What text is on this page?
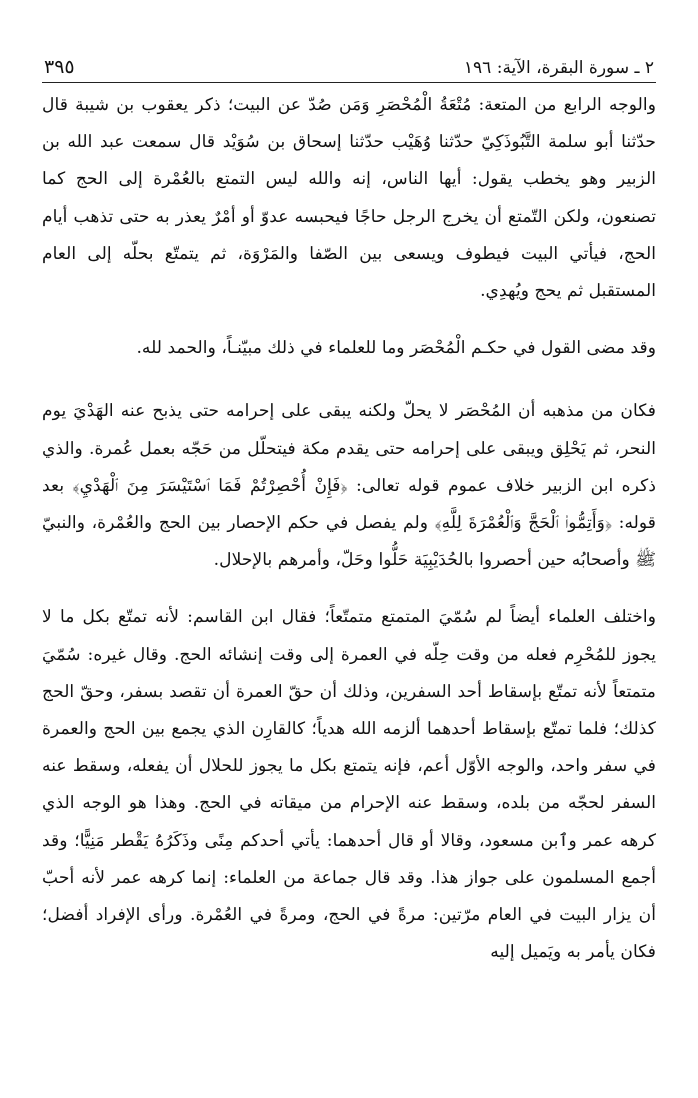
٢ ـ سورة البقرة، الآية: ١٩٦
٣٩٥

والوجه الرابع من المتعة: مُتْعَةُ الْمُحْصَرِ وَمَن صُدّ عن البيت؛ ذكر يعقوب بن شيبة قال حدّثنا أبو سلمة التَّبُوذَكِيّ حدّثنا وُهَيْب حدّثنا إسحاق بن سُوَيْد قال سمعت عبد الله بن الزبير وهو يخطب يقول: أيها الناس، إنه والله ليس التمتع بالعُمْرة إلى الحج كما تصنعون، ولكن التّمتع أن يخرج الرجل حاجًا فيحبسه عدوّ أو أمْرٌ يعذر به حتى تذهب أيام الحج، فيأتي البيت فيطوف ويسعى بين الصّفا والمَرْوَة، ثم يتمتّع بحلّه إلى العام المستقبل ثم يحج ويُهدِي.

وقد مضى القول في حكـم الْمُحْصَر وما للعلماء في ذلك مبيّنـاً، والحمد لله.

فكان من مذهبه أن المُحْصَر لا يحلّ ولكنه يبقى على إحرامه حتى يذبح عنه الهَدْيَ يوم النحر، ثم يَحْلِق ويبقى على إحرامه حتى يقدم مكة فيتحلّل من حَجّه بعمل عُمرة. والذي ذكره ابن الزبير خلاف عموم قوله تعالى: ﴿فَإِنْ أُحْصِرْتُمْ فَمَا ٱسْتَيْسَرَ مِنَ ٱلْهَدْيِ﴾ بعد قوله: ﴿وَأَتِمُّوا۟ ٱلْحَجَّ وَٱلْعُمْرَةَ لِلَّهِ﴾ ولم يفصل في حكم الإحصار بين الحج والعُمْرة، والنبيّ ﷺ وأصحابُه حين أحصروا بالحُدَيْبِيَة حَلُّوا وحَلّ، وأمرهم بالإحلال.

واختلف العلماء أيضاً لم سُمّيَ المتمتع متمتّعاً؛ فقال ابن القاسم: لأنه تمتّع بكل ما لا يجوز للمُحْرِم فعله من وقت حِلّه في العمرة إلى وقت إنشائه الحج. وقال غيره: سُمّيَ متمتعاً لأنه تمتّع بإسقاط أحد السفرين، وذلك أن حقّ العمرة أن تقصد بسفر، وحقّ الحج كذلك؛ فلما تمتّع بإسقاط أحدهما ألزمه الله هدياً؛ كالقارِن الذي يجمع بين الحج والعمرة في سفر واحد، والوجه الأوّل أعم، فإنه يتمتع بكل ما يجوز للحلال أن يفعله، وسقط عنه السفر لحجّه من بلده، وسقط عنه الإحرام من ميقاته في الحج. وهذا هو الوجه الذي كرهه عمر وٱبن مسعود، وقالا أو قال أحدهما: يأتي أحدكم مِنًى وذَكَرُهُ يَقْطر مَنِيًّا؛ وقد أجمع المسلمون على جواز هذا. وقد قال جماعة من العلماء: إنما كرهه عمر لأنه أحبّ أن يزار البيت في العام مرّتين: مرةً في الحج، ومرةً في العُمْرة. ورأى الإفراد أفضل؛ فكان يأمر به ويَميل إليه
